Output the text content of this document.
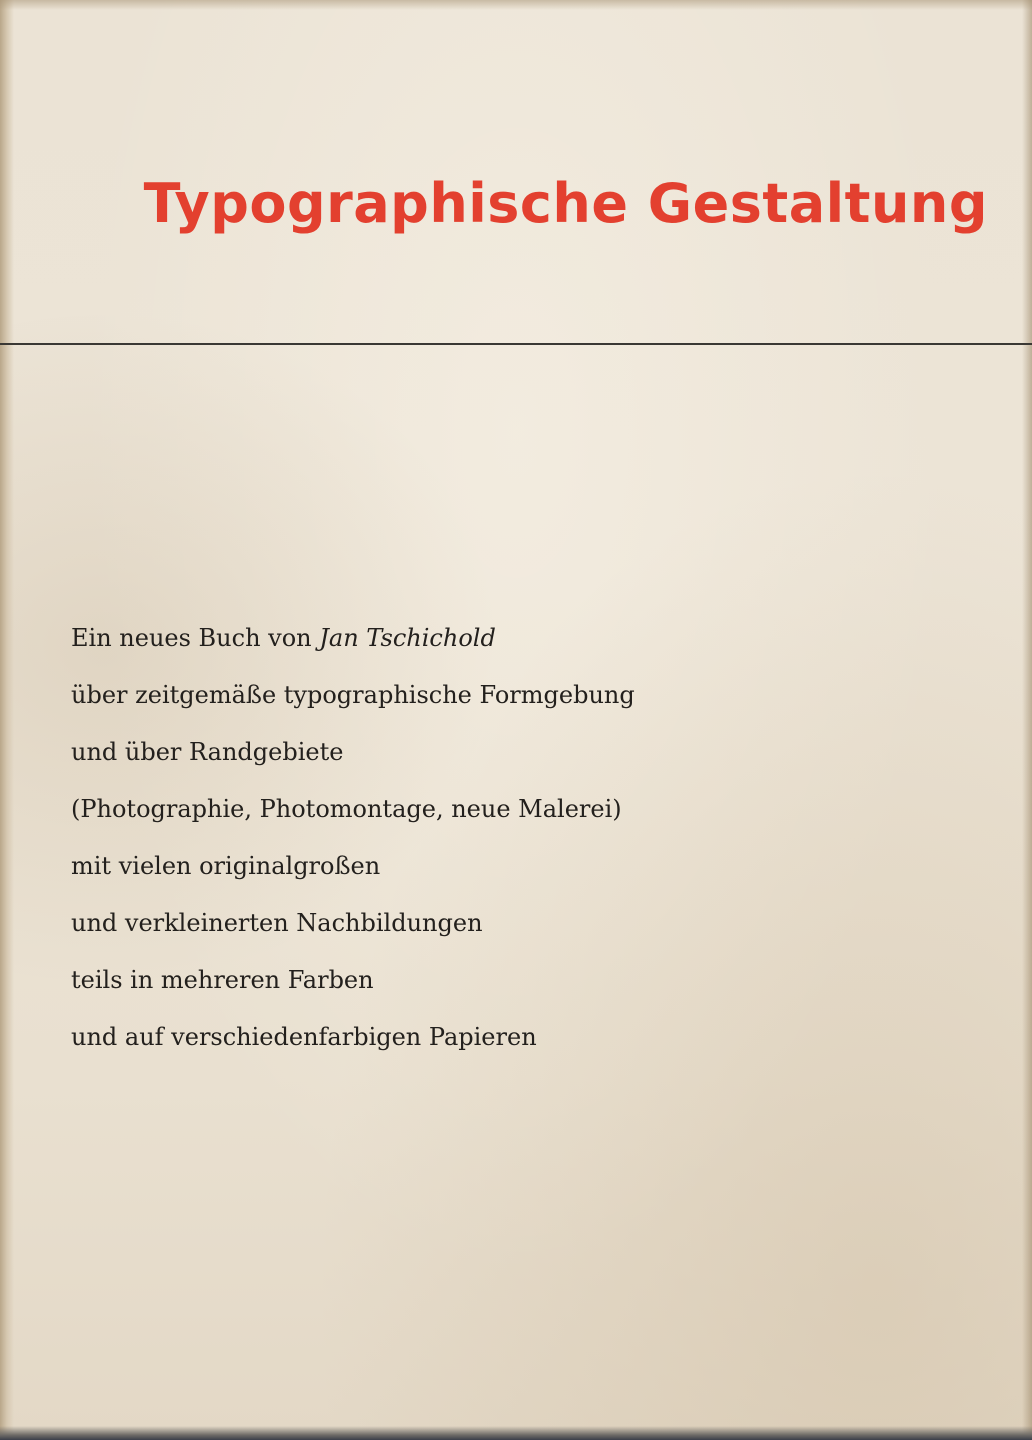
Typographische Gestaltung
Ein neues Buch von Jan Tschichold
über zeitgemäße typographische Formgebung
und über Randgebiete
(Photographie, Photomontage, neue Malerei)
mit vielen originalgroßen
und verkleinerten Nachbildungen
teils in mehreren Farben
und auf verschiedenfarbigen Papieren
